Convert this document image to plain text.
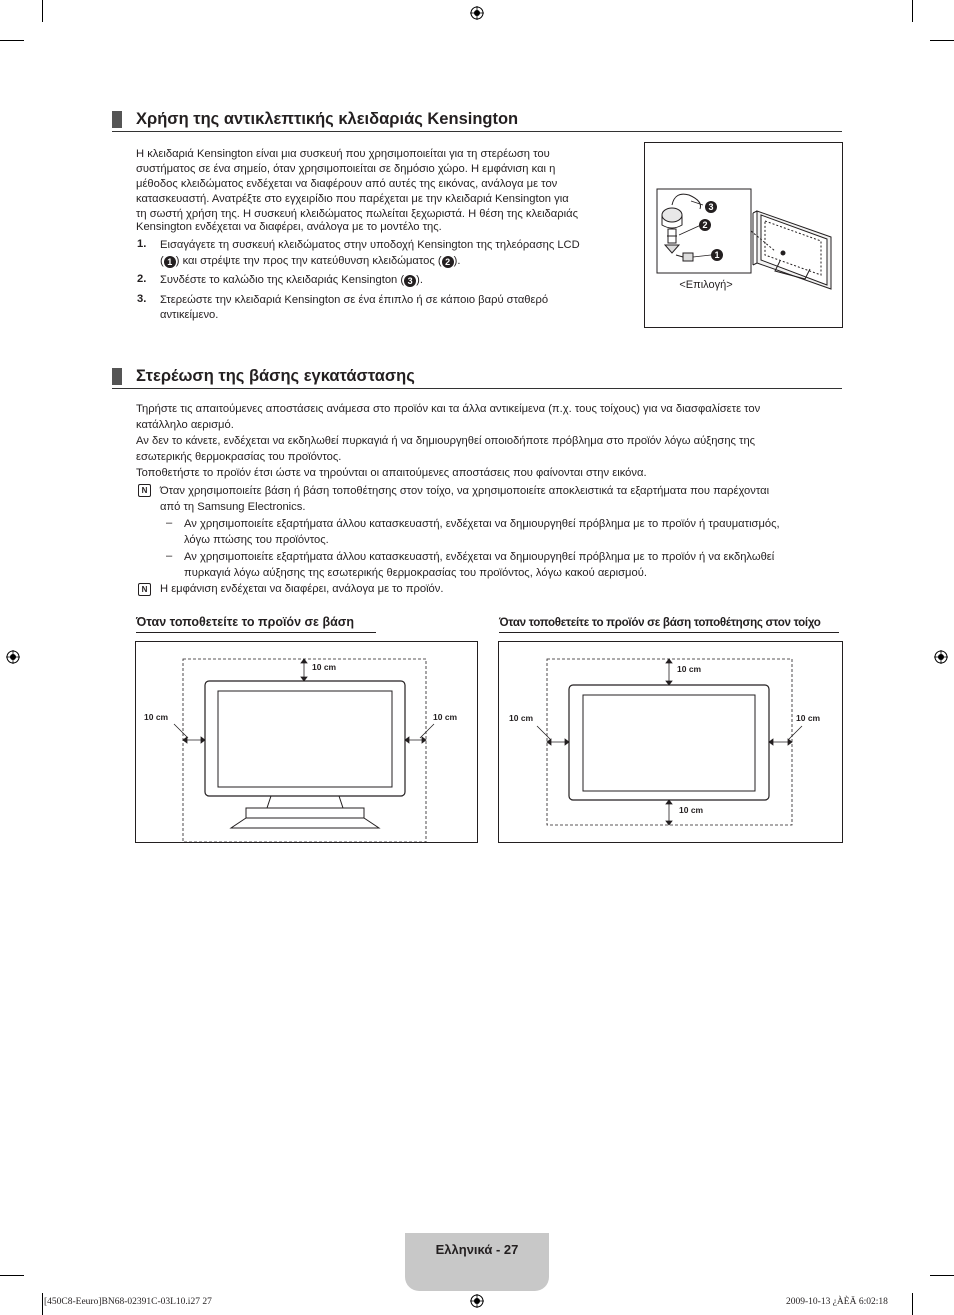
Χρήση της αντικλεπτικής κλειδαριάς Kensington
Η κλειδαριά Kensington είναι μια συσκευή που χρησιμοποιείται για τη στερέωση του
συστήματος σε ένα σημείο, όταν χρησιμοποιείται σε δημόσιο χώρο. Η εμφάνιση και η
μέθοδος κλειδώματος ενδέχεται να διαφέρουν από αυτές της εικόνας, ανάλογα με τον
κατασκευαστή. Ανατρέξτε στο εγχειρίδιο που παρέχεται με την κλειδαριά Kensington για
τη σωστή χρήση της. Η συσκευή κλειδώματος πωλείται ξεχωριστά. Η θέση της κλειδαριάς
Kensington ενδέχεται να διαφέρει, ανάλογα με το μοντέλο της.
1. Εισαγάγετε τη συσκευή κλειδώματος στην υποδοχή Kensington της τηλεόρασης LCD
( 1 ) και στρέψτε την προς την κατεύθυνση κλειδώματος ( 2 ).
2. Συνδέστε το καλώδιο της κλειδαριάς Kensington ( 3 ).
3. Στερεώστε την κλειδαριά Kensington σε ένα έπιπλο ή σε κάποιο βαρύ σταθερό
αντικείμενο.
3
2
1
<Επιλογή>
Στερέωση της βάσης εγκατάστασης
Τηρήστε τις απαιτούμενες αποστάσεις ανάμεσα στο προϊόν και τα άλλα αντικείμενα (π.χ. τους τοίχους) για να διασφαλίσετε τον
κατάλληλο αερισμό.
Αν δεν το κάνετε, ενδέχεται να εκδηλωθεί πυρκαγιά ή να δημιουργηθεί οποιοδήποτε πρόβλημα στο προϊόν λόγω αύξησης της
εσωτερικής θερμοκρασίας του προϊόντος.
Τοποθετήστε το προϊόν έτσι ώστε να τηρούνται οι απαιτούμενες αποστάσεις που φαίνονται στην εικόνα.
N	Όταν χρησιμοποιείτε βάση ή βάση τοποθέτησης στον τοίχο, να χρησιμοποιείτε αποκλειστικά τα εξαρτήματα που παρέχονται
από τη Samsung Electronics.
– Αν χρησιμοποιείτε εξαρτήματα άλλου κατασκευαστή, ενδέχεται να δημιουργηθεί πρόβλημα με το προϊόν ή τραυματισμός,
λόγω πτώσης του προϊόντος.
– Αν χρησιμοποιείτε εξαρτήματα άλλου κατασκευαστή, ενδέχεται να δημιουργηθεί πρόβλημα με το προϊόν ή να εκδηλωθεί
πυρκαγιά λόγω αύξησης της εσωτερικής θερμοκρασίας του προϊόντος, λόγω κακού αερισμού.
N	Η εμφάνιση ενδέχεται να διαφέρει, ανάλογα με το προϊόν.
Όταν τοποθετείτε το προϊόν σε βάση	Όταν τοποθετείτε το προϊόν σε βάση τοποθέτησης στον τοίχο
10 cm
10 cm	10 cm
10 cm
10 cm	10 cm
10 cm
Ελληνικά - 27
[450C8-Eeuro]BN68-02391C-03L10.i27 27	2009-10-13 ¿ÀÈÄ 6:02:18
